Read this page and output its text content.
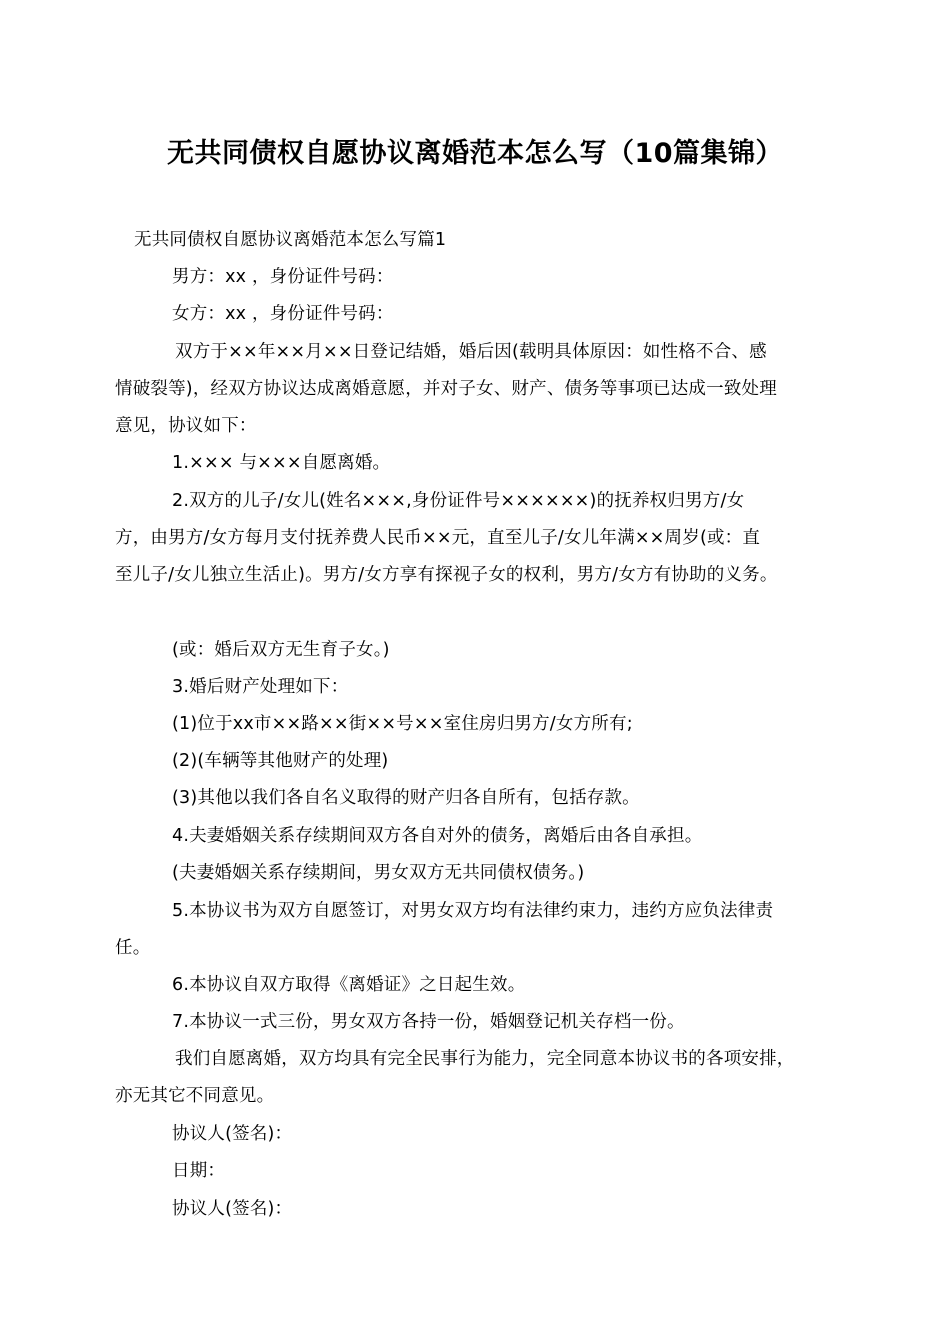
无共同债权自愿协议离婚范本怎么写（10篇集锦）
无共同债权自愿协议离婚范本怎么写篇1
男方：xx ，身份证件号码：
女方：xx ，身份证件号码：
双方于××年××月××日登记结婚，婚后因(载明具体原因：如性格不合、感
情破裂等)，经双方协议达成离婚意愿，并对子女、财产、债务等事项已达成一致处理
意见，协议如下：
1.××× 与×××自愿离婚。
2.双方的儿子/女儿(姓名×××,身份证件号××××××)的抚养权归男方/女
方，由男方/女方每月支付抚养费人民币××元，直至儿子/女儿年满××周岁(或：直
至儿子/女儿独立生活止)。男方/女方享有探视子女的权利，男方/女方有协助的义务。
(或：婚后双方无生育子女。)
3.婚后财产处理如下：
(1)位于xx市××路××街××号××室住房归男方/女方所有;
(2)(车辆等其他财产的处理)
(3)其他以我们各自名义取得的财产归各自所有，包括存款。
4.夫妻婚姻关系存续期间双方各自对外的债务，离婚后由各自承担。
(夫妻婚姻关系存续期间，男女双方无共同债权债务。)
5.本协议书为双方自愿签订，对男女双方均有法律约束力，违约方应负法律责
任。
6.本协议自双方取得《离婚证》之日起生效。
7.本协议一式三份，男女双方各持一份，婚姻登记机关存档一份。
我们自愿离婚，双方均具有完全民事行为能力，完全同意本协议书的各项安排，
亦无其它不同意见。
协议人(签名)：
日期：
协议人(签名)：
